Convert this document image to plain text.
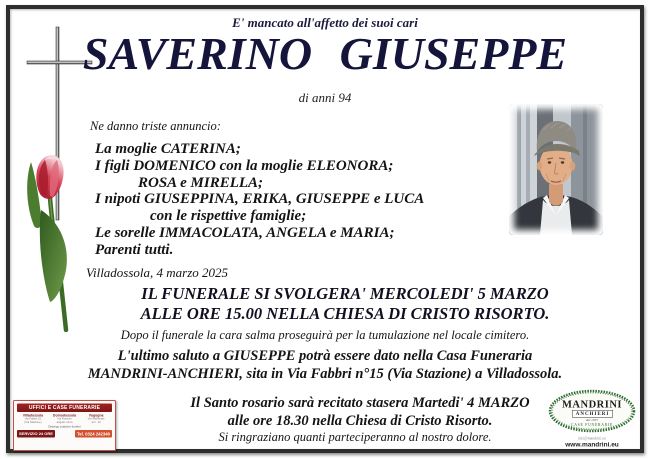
E' mancato all'affetto dei suoi cari
SAVERINO GIUSEPPE
di anni 94
Ne danno triste annuncio:
La moglie CATERINA;
I figli DOMENICO con la moglie ELEONORA;
ROSA e MIRELLA;
I nipoti GIUSEPPINA, ERIKA, GIUSEPPE e LUCA
con le rispettive famiglie;
Le sorelle IMMACOLATA, ANGELA e MARIA;
Parenti tutti.
Villadossola, 4 marzo 2025
IL FUNERALE SI SVOLGERA' MERCOLEDI' 5 MARZO
ALLE ORE 15.00 NELLA CHIESA DI CRISTO RISORTO.
Dopo il funerale la cara salma proseguirà per la tumulazione nel locale cimitero.
L'ultimo saluto a GIUSEPPE potrà essere dato nella Casa Funeraria
MANDRINI-ANCHIERI, sita in Via Fabbri n°15 (Via Stazione) a Villadossola.
Il Santo rosario sarà recitato stasera Martedi' 4 MARZO
alle ore 18.30 nella Chiesa di Cristo Risorto.
Si ringraziano quanti parteciperanno al nostro dolore.
UFFICI E CASE FUNERARIE
Villadossola
Via Fabbri 15
(Via Stazione)
Domodossola
Via Rosmini
angolo corso
Vogogna
Via Nazionale
al n. 10
Disbrigo pratiche funebri
SERVIZIO 24 ORE	Tel. 0324 242340
MANDRINI
ANCHIERI
dal 1937
CASE FUNERARIE
info@mandrini.eu
www.mandrini.eu
